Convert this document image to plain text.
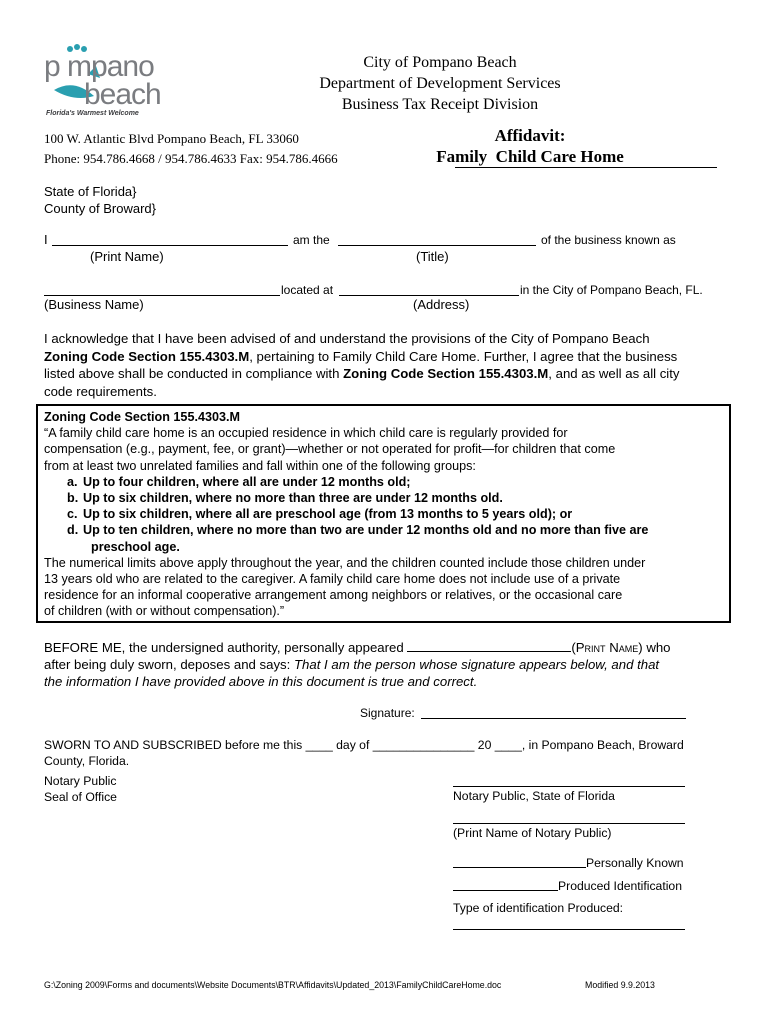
p mpano
beach
Florida's Warmest Welcome
City of Pompano Beach
Department of Development Services
Business Tax Receipt Division
100 W. Atlantic Blvd Pompano Beach, FL 33060
Phone: 954.786.4668 / 954.786.4633 Fax: 954.786.4666
Affidavit:
Family  Child Care Home
State of Florida}
County of Broward}
I	am the	of the business known as
(Print Name)	(Title)
located at	in the City of Pompano Beach, FL.
(Business Name)	(Address)
I acknowledge that I have been advised of and understand the provisions of the City of Pompano Beach
Zoning Code Section 155.4303.M, pertaining to Family Child Care Home. Further, I agree that the business
listed above shall be conducted in compliance with Zoning Code Section 155.4303.M, and as well as all city
code requirements.
Zoning Code Section 155.4303.M
“A family child care home is an occupied residence in which child care is regularly provided for
compensation (e.g., payment, fee, or grant)—whether or not operated for profit—for children that come
from at least two unrelated families and fall within one of the following groups:
a. Up to four children, where all are under 12 months old;
b. Up to six children, where no more than three are under 12 months old.
c. Up to six children, where all are preschool age (from 13 months to 5 years old); or
d. Up to ten children, where no more than two are under 12 months old and no more than five are
preschool age.
The numerical limits above apply throughout the year, and the children counted include those children under
13 years old who are related to the caregiver. A family child care home does not include use of a private
residence for an informal cooperative arrangement among neighbors or relatives, or the occasional care
of children (with or without compensation).”
BEFORE ME, the undersigned authority, personally appeared	(Print Name) who
after being duly sworn, deposes and says: That I am the person whose signature appears below, and that
the information I have provided above in this document is true and correct.
Signature:
SWORN TO AND SUBSCRIBED before me this ____ day of _______________ 20 ____, in Pompano Beach, Broward
County, Florida.
Notary Public
Seal of Office	Notary Public, State of Florida
(Print Name of Notary Public)
Personally Known
Produced Identification
Type of identification Produced:
G:\Zoning 2009\Forms and documents\Website Documents\BTR\Affidavits\Updated_2013\FamilyChildCareHome.doc	Modified 9.9.2013
